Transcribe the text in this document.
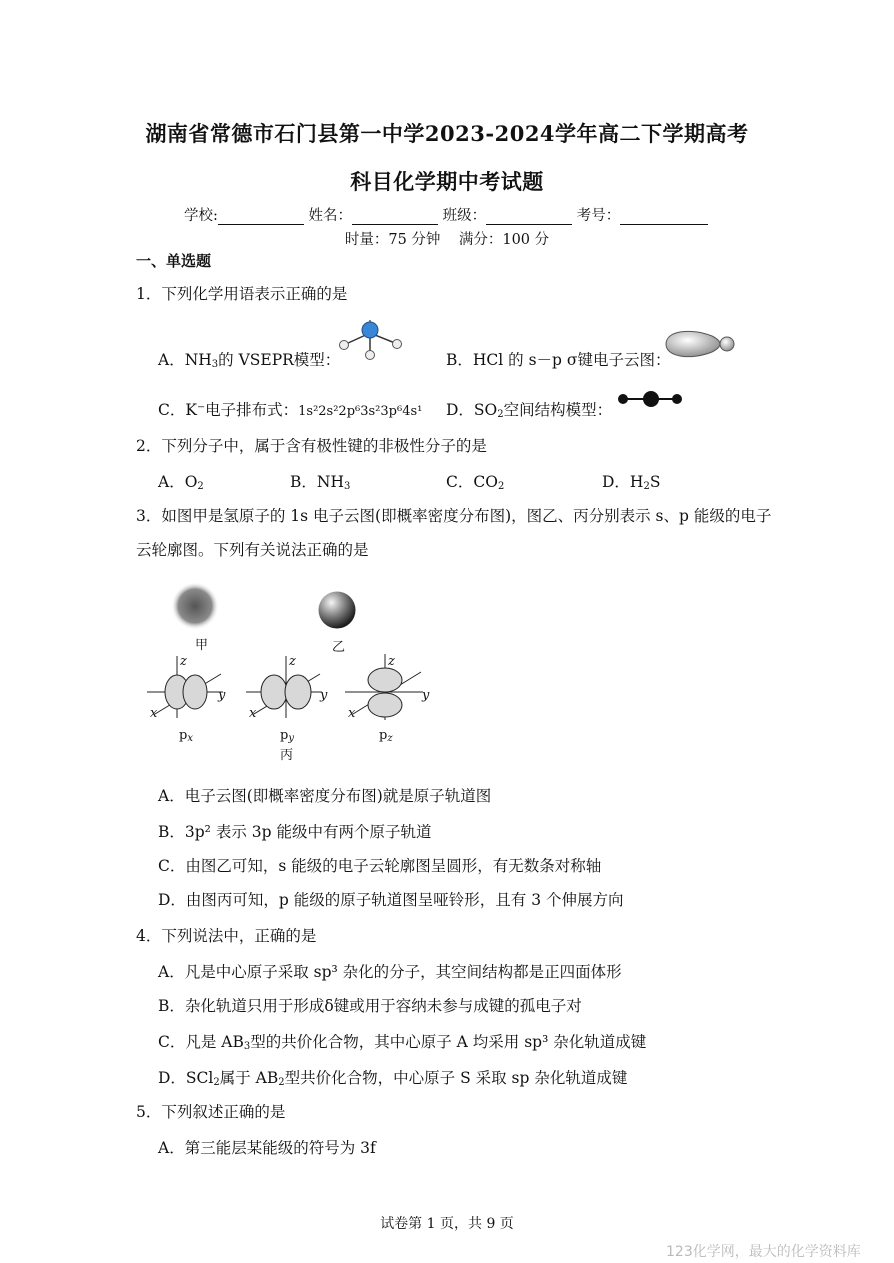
湖南省常德市石门县第一中学2023-2024学年高二下学期高考
科目化学期中考试题
学校:	姓名：	班级：	考号：
时量：75 分钟    满分：100 分
一、单选题
1．下列化学用语表示正确的是
A．$NH_3$的 VSEPR模型：	B．HCl 的 s－p σ键电子云图：
C．K⁻电子排布式：1s²2s²2p⁶3s²3p⁶4s¹ D．$SO_2$空间结构模型：
2．下列分子中，属于含有极性键的非极性分子的是
A．$O_2$	B．$NH_3$	C．$CO_2$	D．$H_2S$
3．如图甲是氢原子的 1s 电子云图(即概率密度分布图)，图乙、丙分别表示 s、p 能级的电子
云轮廓图。下列有关说法正确的是
甲	乙
z
y
x
$p_x$
z
y
x
$p_y$
丙
z
y
x
$p_z$
A．电子云图(即概率密度分布图)就是原子轨道图
B．3p² 表示 3p 能级中有两个原子轨道
C．由图乙可知，s 能级的电子云轮廓图呈圆形，有无数条对称轴
D．由图丙可知，p 能级的原子轨道图呈哑铃形，且有 3 个伸展方向
4．下列说法中，正确的是
A．凡是中心原子采取 sp³ 杂化的分子，其空间结构都是正四面体形
B．杂化轨道只用于形成δ键或用于容纳未参与成键的孤电子对
C．凡是 $AB_3$型的共价化合物，其中心原子 A 均采用 sp³ 杂化轨道成键
D．SCl$_2$属于 $AB_2$型共价化合物，中心原子 S 采取 sp 杂化轨道成键
5．下列叙述正确的是
A．第三能层某能级的符号为 3f
试卷第 1 页，共 9 页
123化学网，最大的化学资料库
